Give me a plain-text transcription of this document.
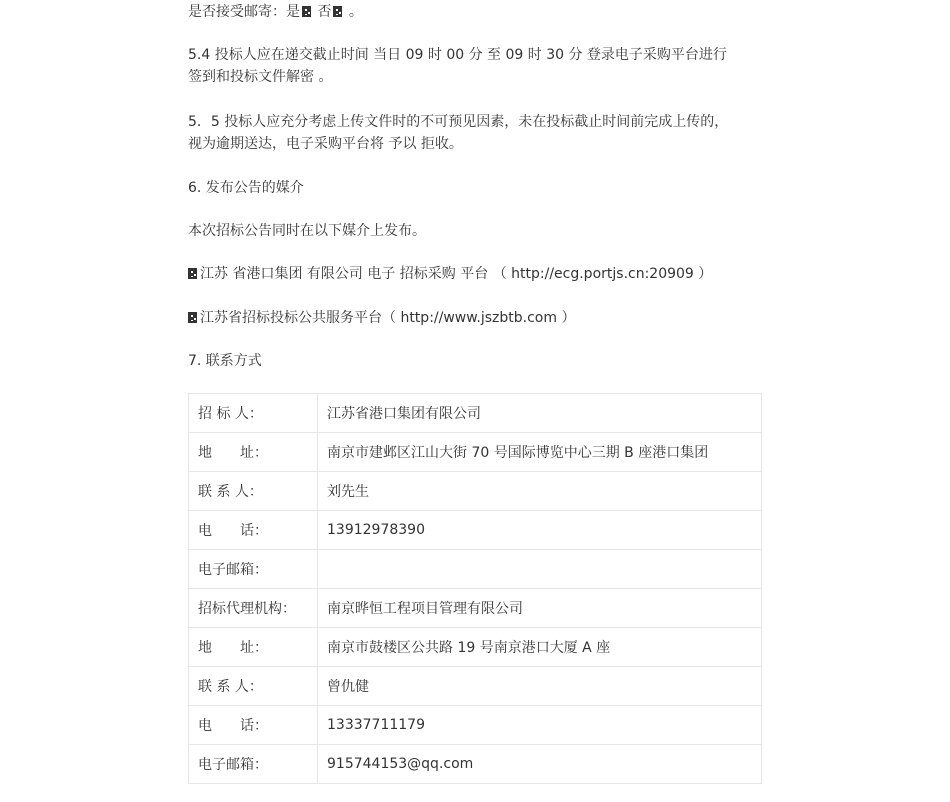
是否接受邮寄：是 否 。

5.4 投标人应在递交截止时间 当日 09 时 00 分 至 09 时 30 分 登录电子采购平台进行

签到和投标文件解密 。

5．5 投标人应充分考虑上传文件时的不可预见因素，未在投标截止时间前完成上传的，

视为逾期送达，电子采购平台将 予以 拒收。

6. 发布公告的媒介

本次招标公告同时在以下媒介上发布。

江苏 省港口集团 有限公司 电子 招标采购 平台 （ http://ecg.portjs.cn:20909 ）

江苏省招标投标公共服务平台（ http://www.jszbtb.com ）

7. 联系方式

招 标 人：	江苏省港口集团有限公司
地　　址：	南京市建邺区江山大街 70 号国际博览中心三期 B 座港口集团
联 系 人：	刘先生
电　　话：	13912978390
电子邮箱：	
招标代理机构：	南京晔恒工程项目管理有限公司
地　　址：	南京市鼓楼区公共路 19 号南京港口大厦 A 座
联 系 人：	曾仇健
电　　话：	13337711179
电子邮箱：	915744153@qq.com
